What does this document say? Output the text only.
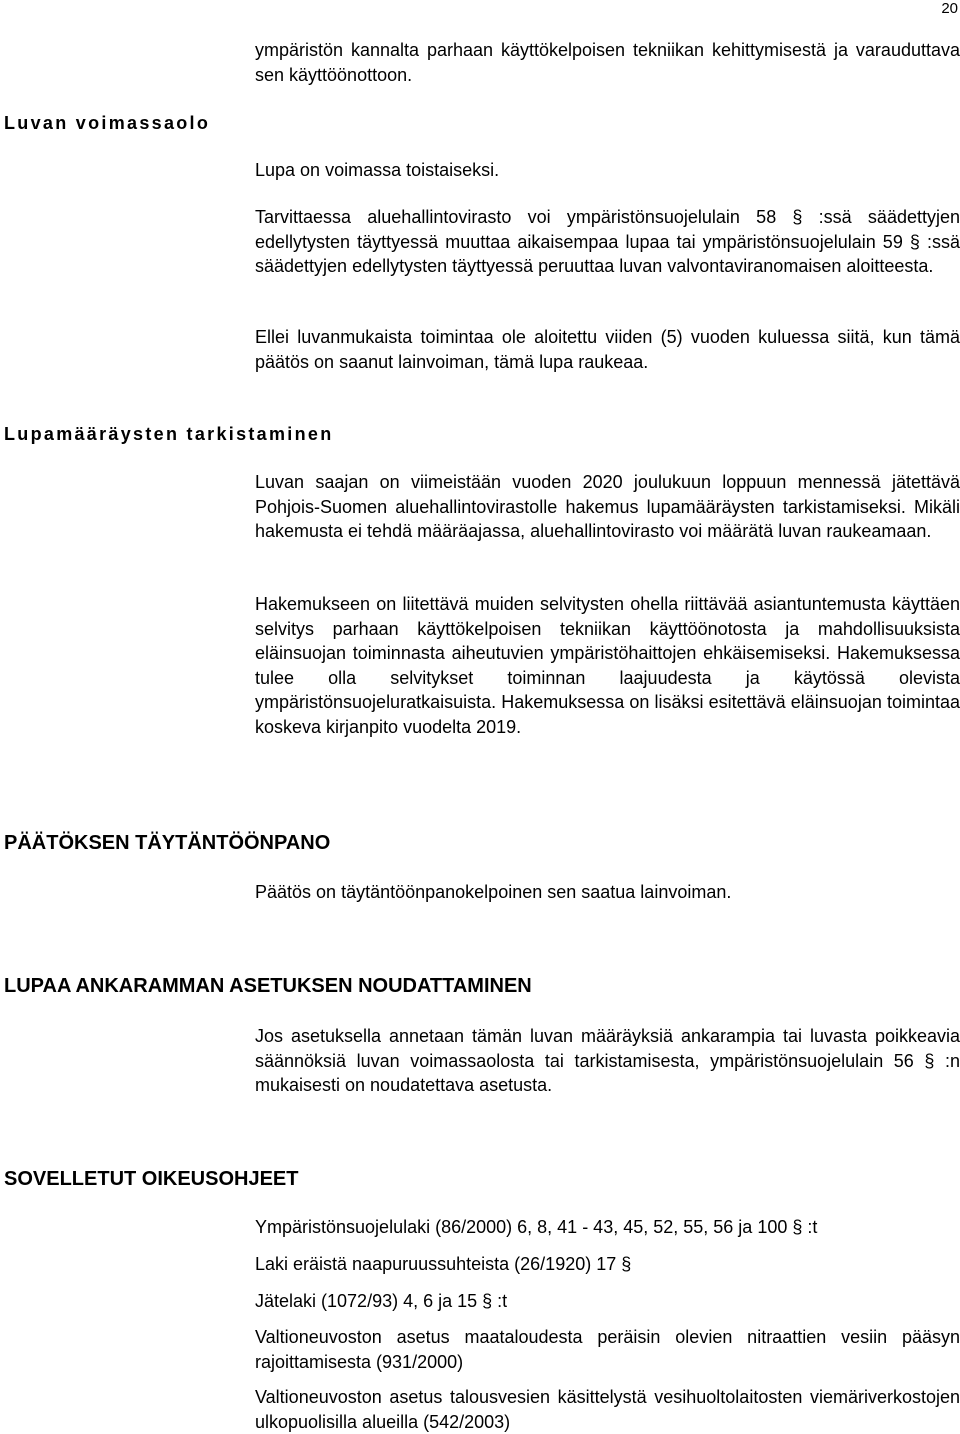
20

ympäristön kannalta parhaan käyttökelpoisen tekniikan kehittymisestä ja varauduttava sen käyttöönottoon.

Luvan voimassaolo

Lupa on voimassa toistaiseksi.

Tarvittaessa aluehallintovirasto voi ympäristönsuojelulain 58 § :ssä säädettyjen edellytysten täyttyessä muuttaa aikaisempaa lupaa tai ympäristönsuojelulain 59 § :ssä säädettyjen edellytysten täyttyessä peruuttaa luvan valvontaviranomaisen aloitteesta.

Ellei luvanmukaista toimintaa ole aloitettu viiden (5) vuoden kuluessa siitä, kun tämä päätös on saanut lainvoiman, tämä lupa raukeaa.

Lupamääräysten tarkistaminen

Luvan saajan on viimeistään vuoden 2020 joulukuun loppuun mennessä jätettävä Pohjois-Suomen aluehallintovirastolle hakemus lupamääräysten tarkistamiseksi. Mikäli hakemusta ei tehdä määräajassa, aluehallintovirasto voi määrätä luvan raukeamaan.

Hakemukseen on liitettävä muiden selvitysten ohella riittävää asiantuntemusta käyttäen selvitys parhaan käyttökelpoisen tekniikan käyttöönotosta ja mahdollisuuksista eläinsuojan toiminnasta aiheutuvien ympäristöhaittojen ehkäisemiseksi. Hakemuksessa tulee olla selvitykset toiminnan laajuudesta ja käytössä olevista ympäristönsuojeluratkaisuista. Hakemuksessa on lisäksi esitettävä eläinsuojan toimintaa koskeva kirjanpito vuodelta 2019.

PÄÄTÖKSEN TÄYTÄNTÖÖNPANO

Päätös on täytäntöönpanokelpoinen sen saatua lainvoiman.

LUPAA ANKARAMMAN ASETUKSEN NOUDATTAMINEN

Jos asetuksella annetaan tämän luvan määräyksiä ankarampia tai luvasta poikkeavia säännöksiä luvan voimassaolosta tai tarkistamisesta, ympäristönsuojelulain 56 § :n mukaisesti on noudatettava asetusta.

SOVELLETUT OIKEUSOHJEET

Ympäristönsuojelulaki (86/2000) 6, 8, 41 - 43, 45, 52, 55, 56 ja 100 § :t

Laki eräistä naapuruussuhteista (26/1920) 17 §

Jätelaki (1072/93) 4, 6 ja 15 § :t

Valtioneuvoston asetus maataloudesta peräisin olevien nitraattien vesiin pääsyn rajoittamisesta (931/2000)

Valtioneuvoston asetus talousvesien käsittelystä vesihuoltolaitosten viemäriverkostojen ulkopuolisilla alueilla (542/2003)
